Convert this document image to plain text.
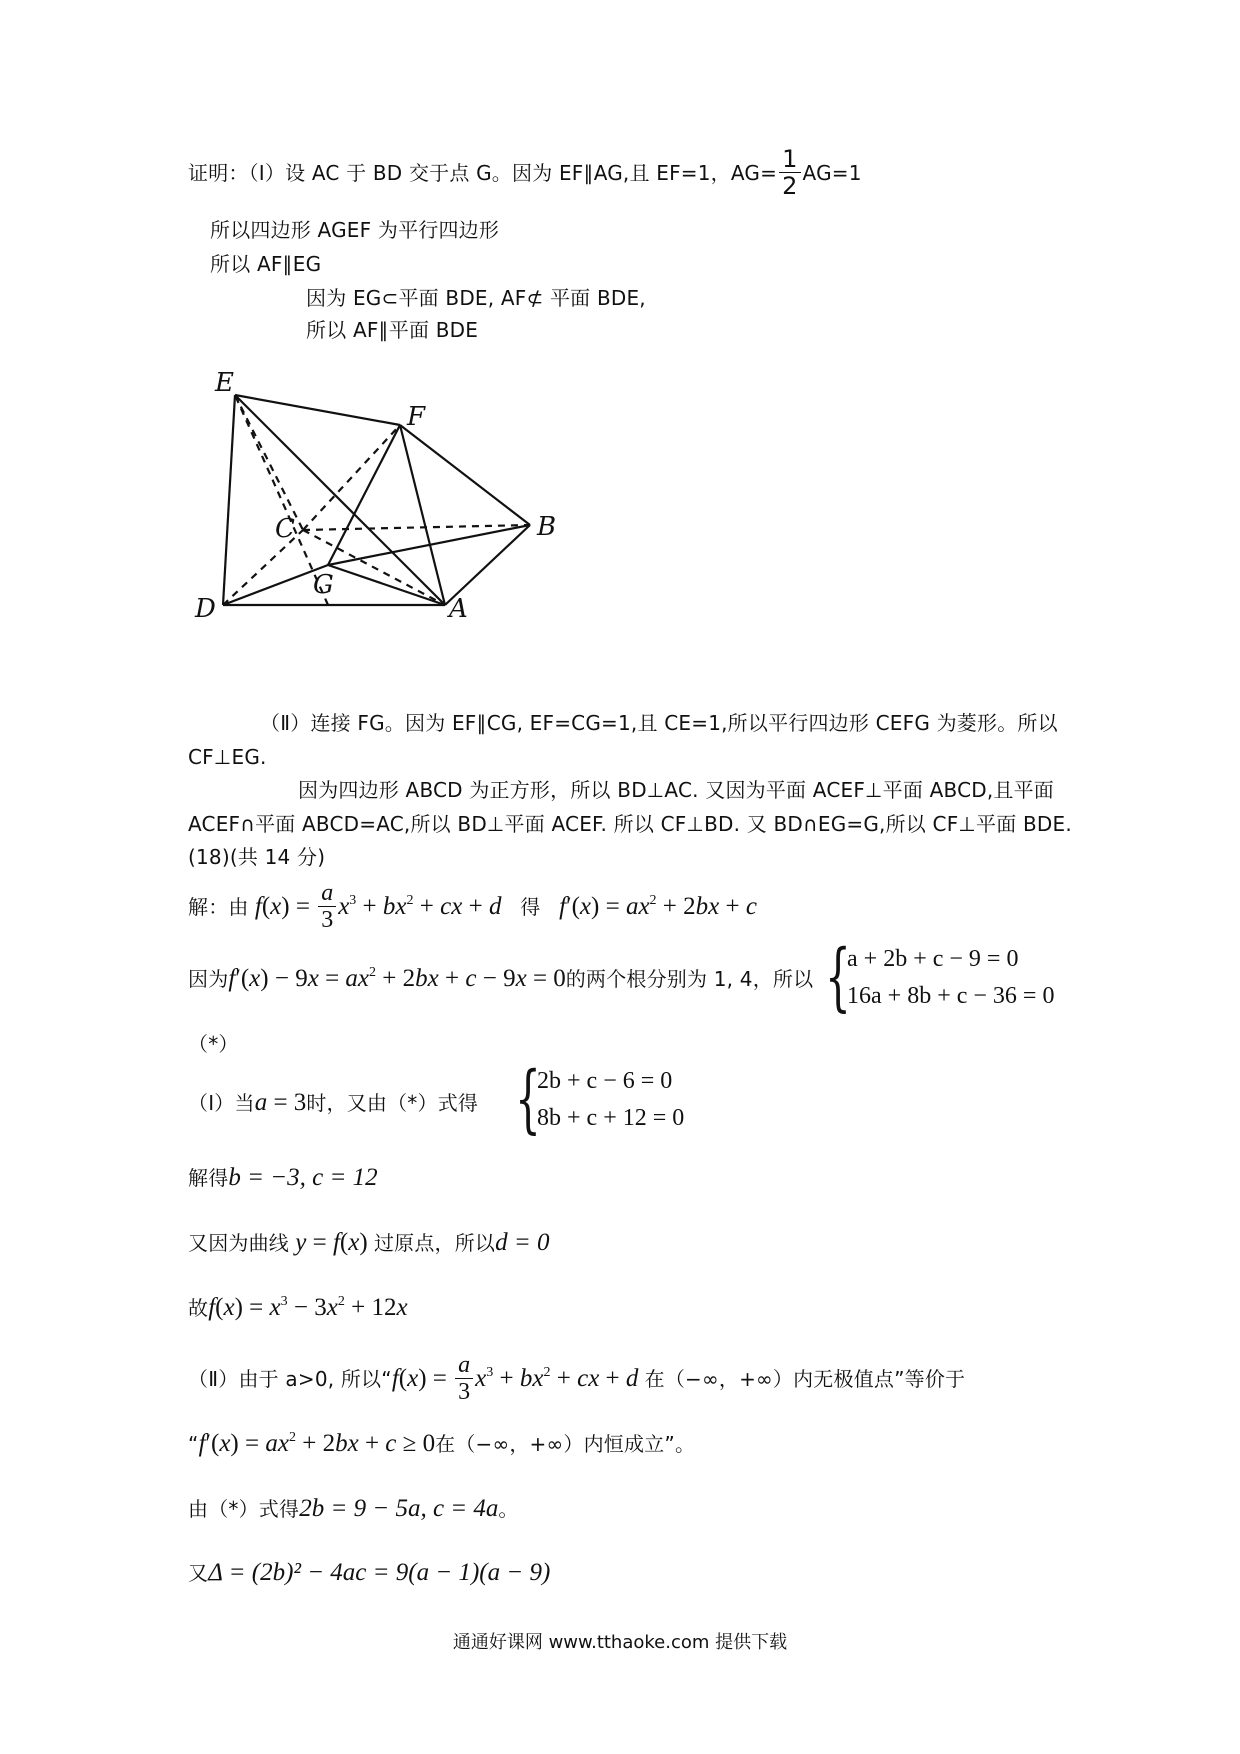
证明：（Ⅰ）设 AC 于 BD 交于点 G。因为 EF∥AG,且 EF=1，$AG= \frac{1}{2} AG=1$
所以四边形 AGEF 为平行四边形
所以 AF∥EG
因为 EG⊂平面 BDE, AF⊄ 平面 BDE,
所以 AF∥平面 BDE
E
F
C	B
G
D	A
（Ⅱ）连接 FG。因为 EF∥CG, EF=CG=1,且 CE=1,所以平行四边形 CEFG 为菱形。所以
CF⊥EG.
因为四边形 ABCD 为正方形，所以 BD⊥AC. 又因为平面 ACEF⊥平面 ABCD,且平面
ACEF∩平面 ABCD=AC,所以 BD⊥平面 ACEF. 所以 CF⊥BD. 又 BD∩EG=G,所以 CF⊥平面 BDE.
(18)(共 14 分)
解：由 $f(x) = \frac{a}{3} x^3 + bx^2$ + cx + d 得 $f'(x) = ax^2 + 2bx + c$
因为$f'(x) - 9x = ax^2 + 2bx + c - 9x = 0$的两个根分别为 1, 4，所以 {
a + 2b + c − 9 = 0
16a + 8b + c − 36 = 0
（*）
（Ⅰ）当a = 3时，又由（*）式得 {
2b + c − 6 = 0
8b + c + 12 = 0
解得b = −3, c = 12
又因为曲线 y = f(x) 过原点，所以d = 0
故$f(x) = x^3 - 3x^2 + 12x$
（Ⅱ）由于 a>0, 所以“$f(x) = \frac{a}{3} x^3 + bx^2$ + cx + d 在（−∞，+∞）内无极值点”等价于
“$f'(x) = ax^2 + 2bx + c \ge 0$在（−∞，+∞）内恒成立”。
由（*）式得2b = 9 − 5a, c = 4a。
又Δ = (2b)² − 4ac = 9(a − 1)(a − 9)
通通好课网 www.tthaoke.com 提供下载
